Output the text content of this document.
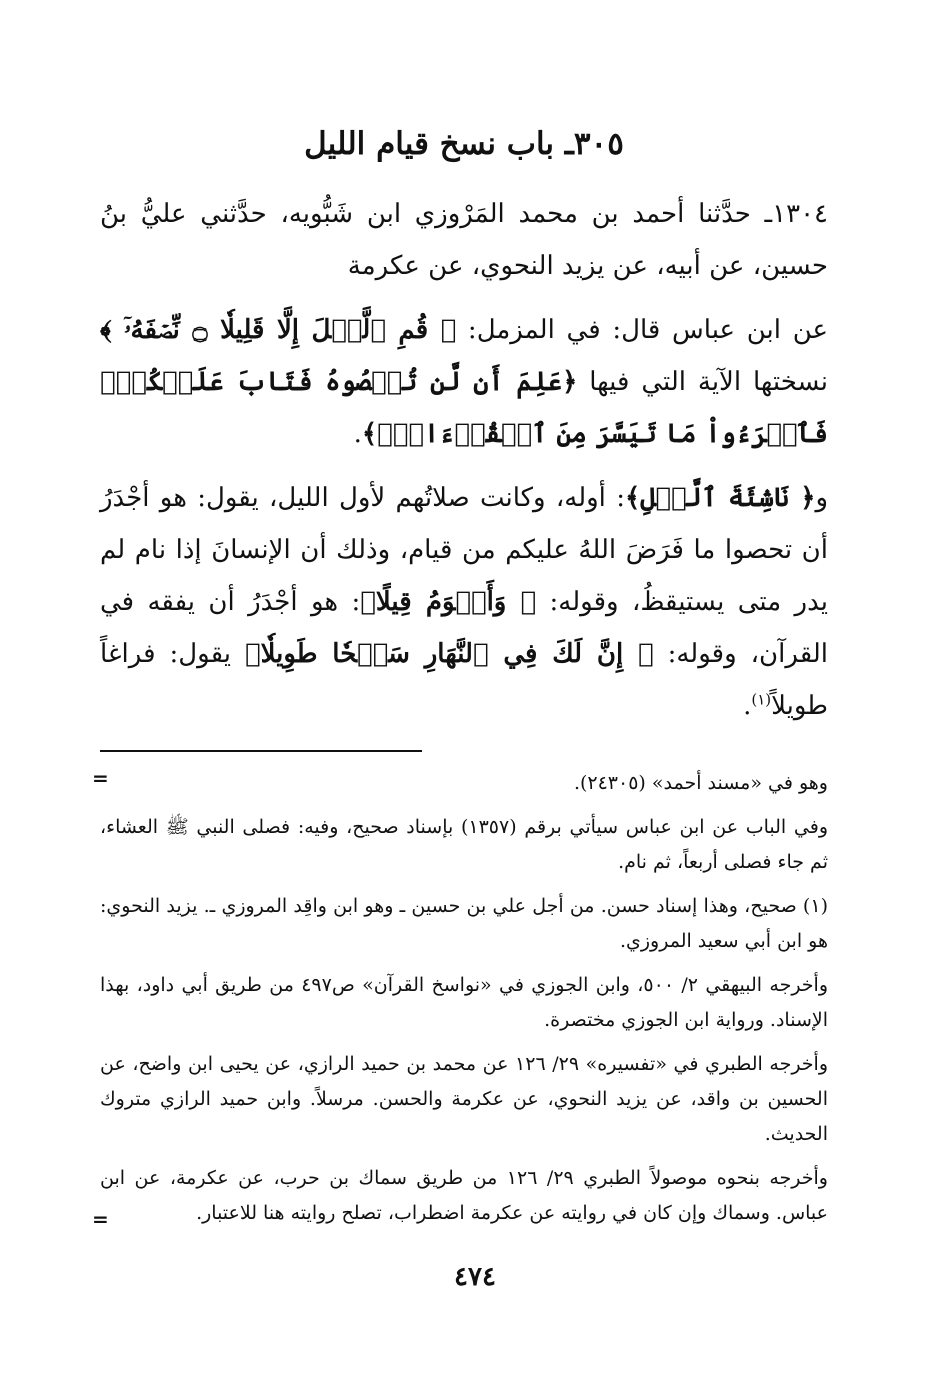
٣٠٥ـ باب نسخ قيام الليل

١٣٠٤ـ حدَّثنا أحمد بن محمد المَرْوزي ابن شَبُّويه، حدَّثني عليُّ بنُ حسين، عن أبيه، عن يزيد النحوي، عن عكرمة

عن ابن عباس قال: في المزمل: ﴿ قُمِ ٱلَّيۡلَ إِلَّا قَلِيلٗا ۝ نِّصۡفَهُۥٓ ﴾ نسختها الآية التي فيها ﴿عَلِمَ أَن لَّن تُحۡصُوهُ فَتَابَ عَلَيۡكُمۡۖ فَٱقۡرَءُواْ مَا تَيَسَّرَ مِنَ ٱلۡقُرۡءَانِۚ﴾.

و﴿ نَاشِئَةَ ٱلَّيۡلِ﴾: أوله، وكانت صلاتُهم لأول الليل، يقول: هو أجْدَرُ أن تحصوا ما فَرَضَ اللهُ عليكم من قيام، وذلك أن الإنسانَ إذا نام لم يدر متى يستيقظُ، وقوله: ﴿ وَأَقۡوَمُ قِيلًا﴾: هو أجْدَرُ أن يفقه في القرآن، وقوله: ﴿ إِنَّ لَكَ فِي ٱلنَّهَارِ سَبۡحٗا طَوِيلٗا﴾ يقول: فراغاً طويلاً$^{(١)}$.

=	وهو في «مسند أحمد» (٢٤٣٠٥).

وفي الباب عن ابن عباس سيأتي برقم (١٣٥٧) بإسناد صحيح، وفيه: فصلى النبي ﷺ العشاء، ثم جاء فصلى أربعاً، ثم نام.

(١) صحيح، وهذا إسناد حسن. من أجل علي بن حسين ـ وهو ابن واقِد المروزي ـ. يزيد النحوي: هو ابن أبي سعيد المروزي.

وأخرجه البيهقي ٢/ ٥٠٠، وابن الجوزي في «نواسخ القرآن» ص٤٩٧ من طريق أبي داود، بهذا الإسناد. ورواية ابن الجوزي مختصرة.

وأخرجه الطبري في «تفسيره» ٢٩/ ١٢٦ عن محمد بن حميد الرازي، عن يحيى ابن واضح، عن الحسين بن واقد، عن يزيد النحوي، عن عكرمة والحسن. مرسلاً. وابن حميد الرازي متروك الحديث.

وأخرجه بنحوه موصولاً الطبري ٢٩/ ١٢٦ من طريق سماك بن حرب، عن عكرمة، عن ابن عباس. وسماك وإن كان في روايته عن عكرمة اضطراب، تصلح روايته هنا للاعتبار.

=
٤٧٤
